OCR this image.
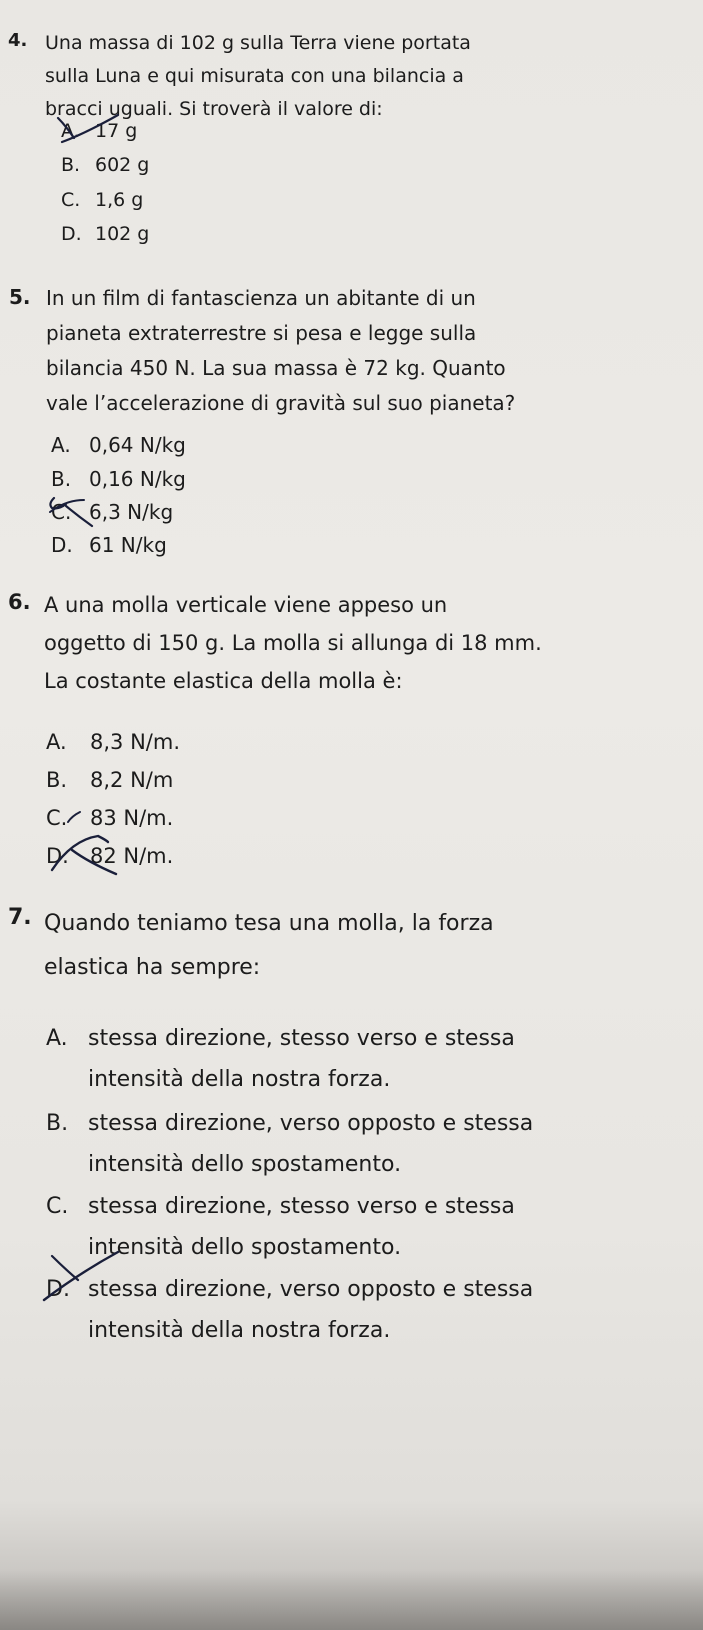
4. Una massa di 102 g sulla Terra viene portata
sulla Luna e qui misurata con una bilancia a
bracci uguali. Si troverà il valore di:

A. 17 g
B. 602 g
C. 1,6 g
D. 102 g
5. In un film di fantascienza un abitante di un
pianeta extraterrestre si pesa e legge sulla
bilancia 450 N. La sua massa è 72 kg. Quanto
vale l’accelerazione di gravità sul suo pianeta?

A. 0,64 N/kg
B. 0,16 N/kg
C. 6,3 N/kg
D. 61 N/kg
6. A una molla verticale viene appeso un
oggetto di 150 g. La molla si allunga di 18 mm.
La costante elastica della molla è:

A. 8,3 N/m.
B. 8,2 N/m
C. 83 N/m.
D. 82 N/m.
7. Quando teniamo tesa una molla, la forza
elastica ha sempre:

A. stessa direzione, stesso verso e stessa
intensità della nostra forza.
B. stessa direzione, verso opposto e stessa
intensità dello spostamento.
C. stessa direzione, stesso verso e stessa
intensità dello spostamento.
D. stessa direzione, verso opposto e stessa
intensità della nostra forza.
